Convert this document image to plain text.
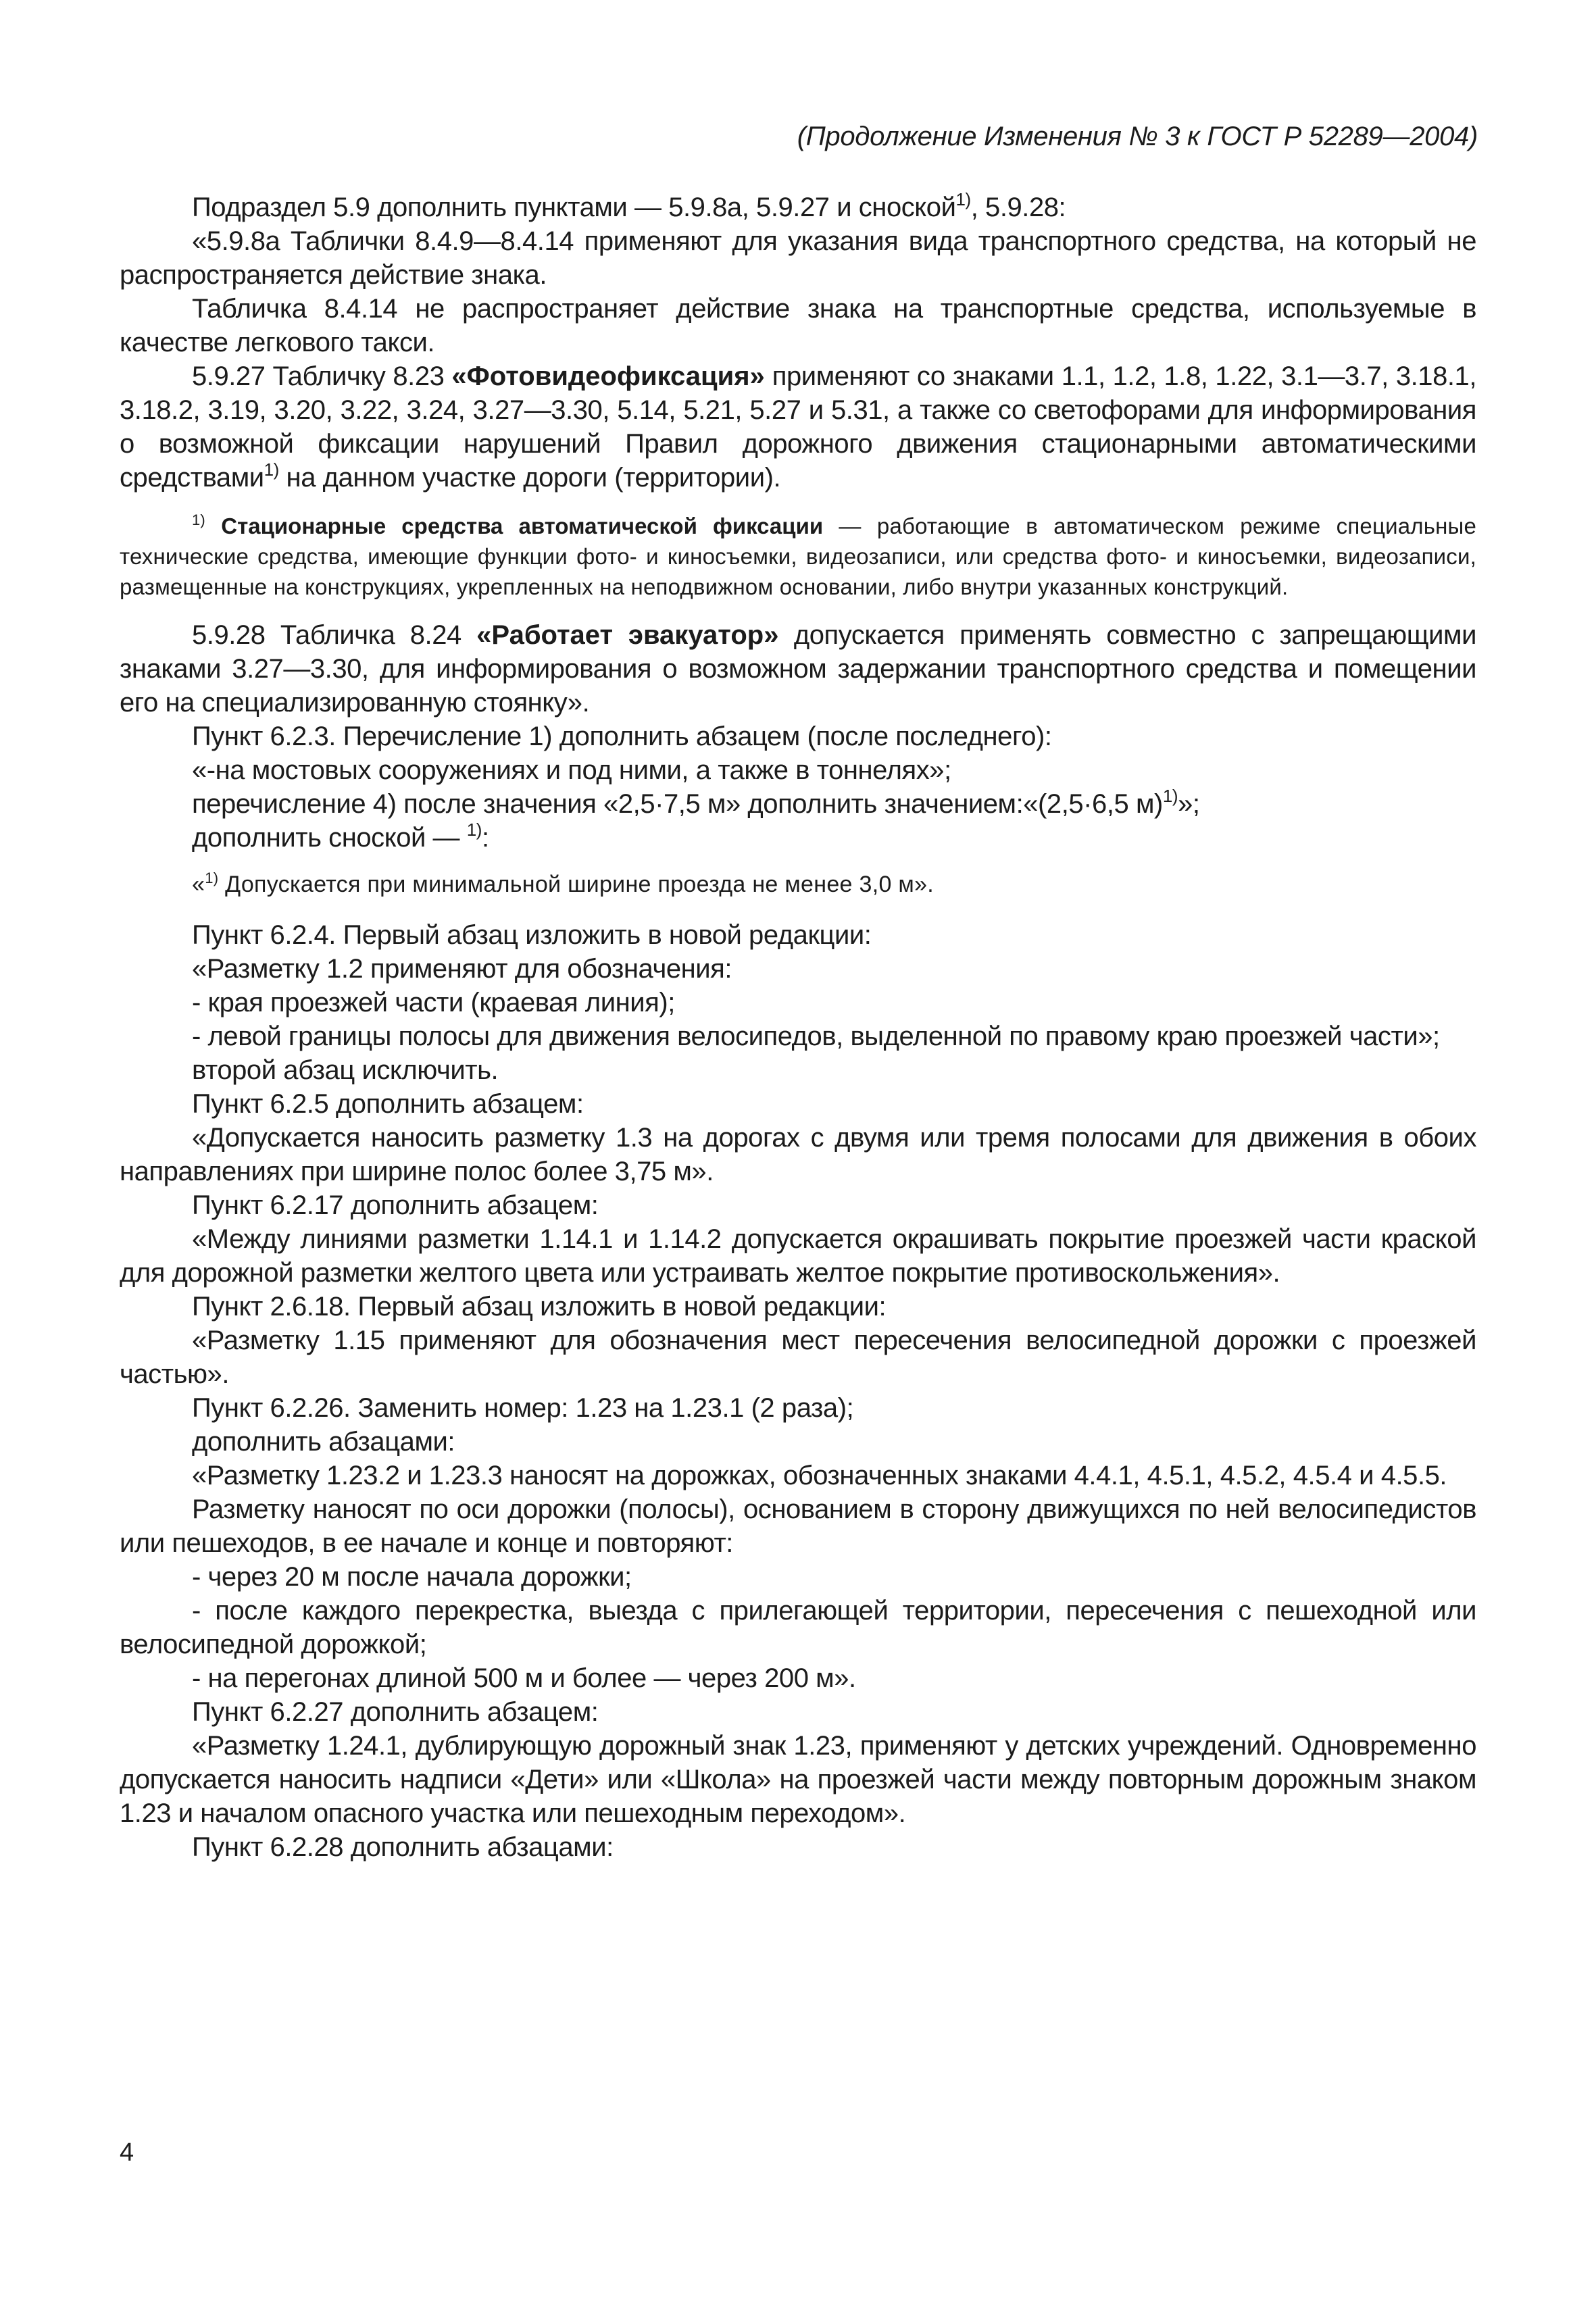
(Продолжение Изменения № 3 к ГОСТ Р 52289—2004)

Подраздел 5.9 дополнить пунктами — 5.9.8а, 5.9.27 и сноской$^{1)}$, 5.9.28:

«5.9.8а Таблички 8.4.9—8.4.14 применяют для указания вида транспортного средства, на который не распространяется действие знака.

Табличка 8.4.14 не распространяет действие знака на транспортные средства, используемые в качестве легкового такси.

5.9.27 Табличку 8.23 «Фотовидеофиксация» применяют со знаками 1.1, 1.2, 1.8, 1.22, 3.1—3.7, 3.18.1, 3.18.2, 3.19, 3.20, 3.22, 3.24, 3.27—3.30, 5.14, 5.21, 5.27 и 5.31, а также со светофорами для информирования о возможной фиксации нарушений Правил дорожного движения стационарными автоматическими средствами$^{1)}$ на данном участке дороги (территории).

$^{1)}$ Стационарные средства автоматической фиксации — работающие в автоматическом режиме специальные технические средства, имеющие функции фото- и киносъемки, видеозаписи, или средства фото- и киносъемки, видеозаписи, размещенные на конструкциях, укрепленных на неподвижном основании, либо внутри указанных конструкций.

5.9.28 Табличка 8.24 «Работает эвакуатор» допускается применять совместно с запрещающими знаками 3.27—3.30, для информирования о возможном задержании транспортного средства и помещении его на специализированную стоянку».

Пункт 6.2.3. Перечисление 1) дополнить абзацем (после последнего):

«-на мостовых сооружениях и под ними, а также в тоннелях»;

перечисление 4) после значения «2,5·7,5 м» дополнить значением:«(2,5·6,5 м)$^{1)}$»;

дополнить сноской — $^{1)}$:

«$^{1)}$ Допускается при минимальной ширине проезда не менее 3,0 м».

Пункт 6.2.4. Первый абзац изложить в новой редакции:

«Разметку 1.2 применяют для обозначения:

- края проезжей части (краевая линия);

- левой границы полосы для движения велосипедов, выделенной по правому краю проезжей части»;

второй абзац исключить.

Пункт 6.2.5 дополнить абзацем:

«Допускается наносить разметку 1.3 на дорогах с двумя или тремя полосами для движения в обоих направлениях при ширине полос более 3,75 м».

Пункт 6.2.17 дополнить абзацем:

«Между линиями разметки 1.14.1 и 1.14.2 допускается окрашивать покрытие проезжей части краской для дорожной разметки желтого цвета или устраивать желтое покрытие противоскольжения».

Пункт 2.6.18. Первый абзац изложить в новой редакции:

«Разметку 1.15 применяют для обозначения мест пересечения велосипедной дорожки с проезжей частью».

Пункт 6.2.26. Заменить номер: 1.23 на 1.23.1 (2 раза);

дополнить абзацами:

«Разметку 1.23.2 и 1.23.3 наносят на дорожках, обозначенных знаками 4.4.1, 4.5.1, 4.5.2, 4.5.4 и 4.5.5.

Разметку наносят по оси дорожки (полосы), основанием в сторону движущихся по ней велосипедистов или пешеходов, в ее начале и конце и повторяют:

- через 20 м после начала дорожки;

- после каждого перекрестка, выезда с прилегающей территории, пересечения с пешеходной или велосипедной дорожкой;

- на перегонах длиной 500 м и более — через 200 м».

Пункт 6.2.27 дополнить абзацем:

«Разметку 1.24.1, дублирующую дорожный знак 1.23, применяют у детских учреждений. Одновременно допускается наносить надписи «Дети» или «Школа» на проезжей части между повторным дорожным знаком 1.23 и началом опасного участка или пешеходным переходом».

Пункт 6.2.28 дополнить абзацами:

4
